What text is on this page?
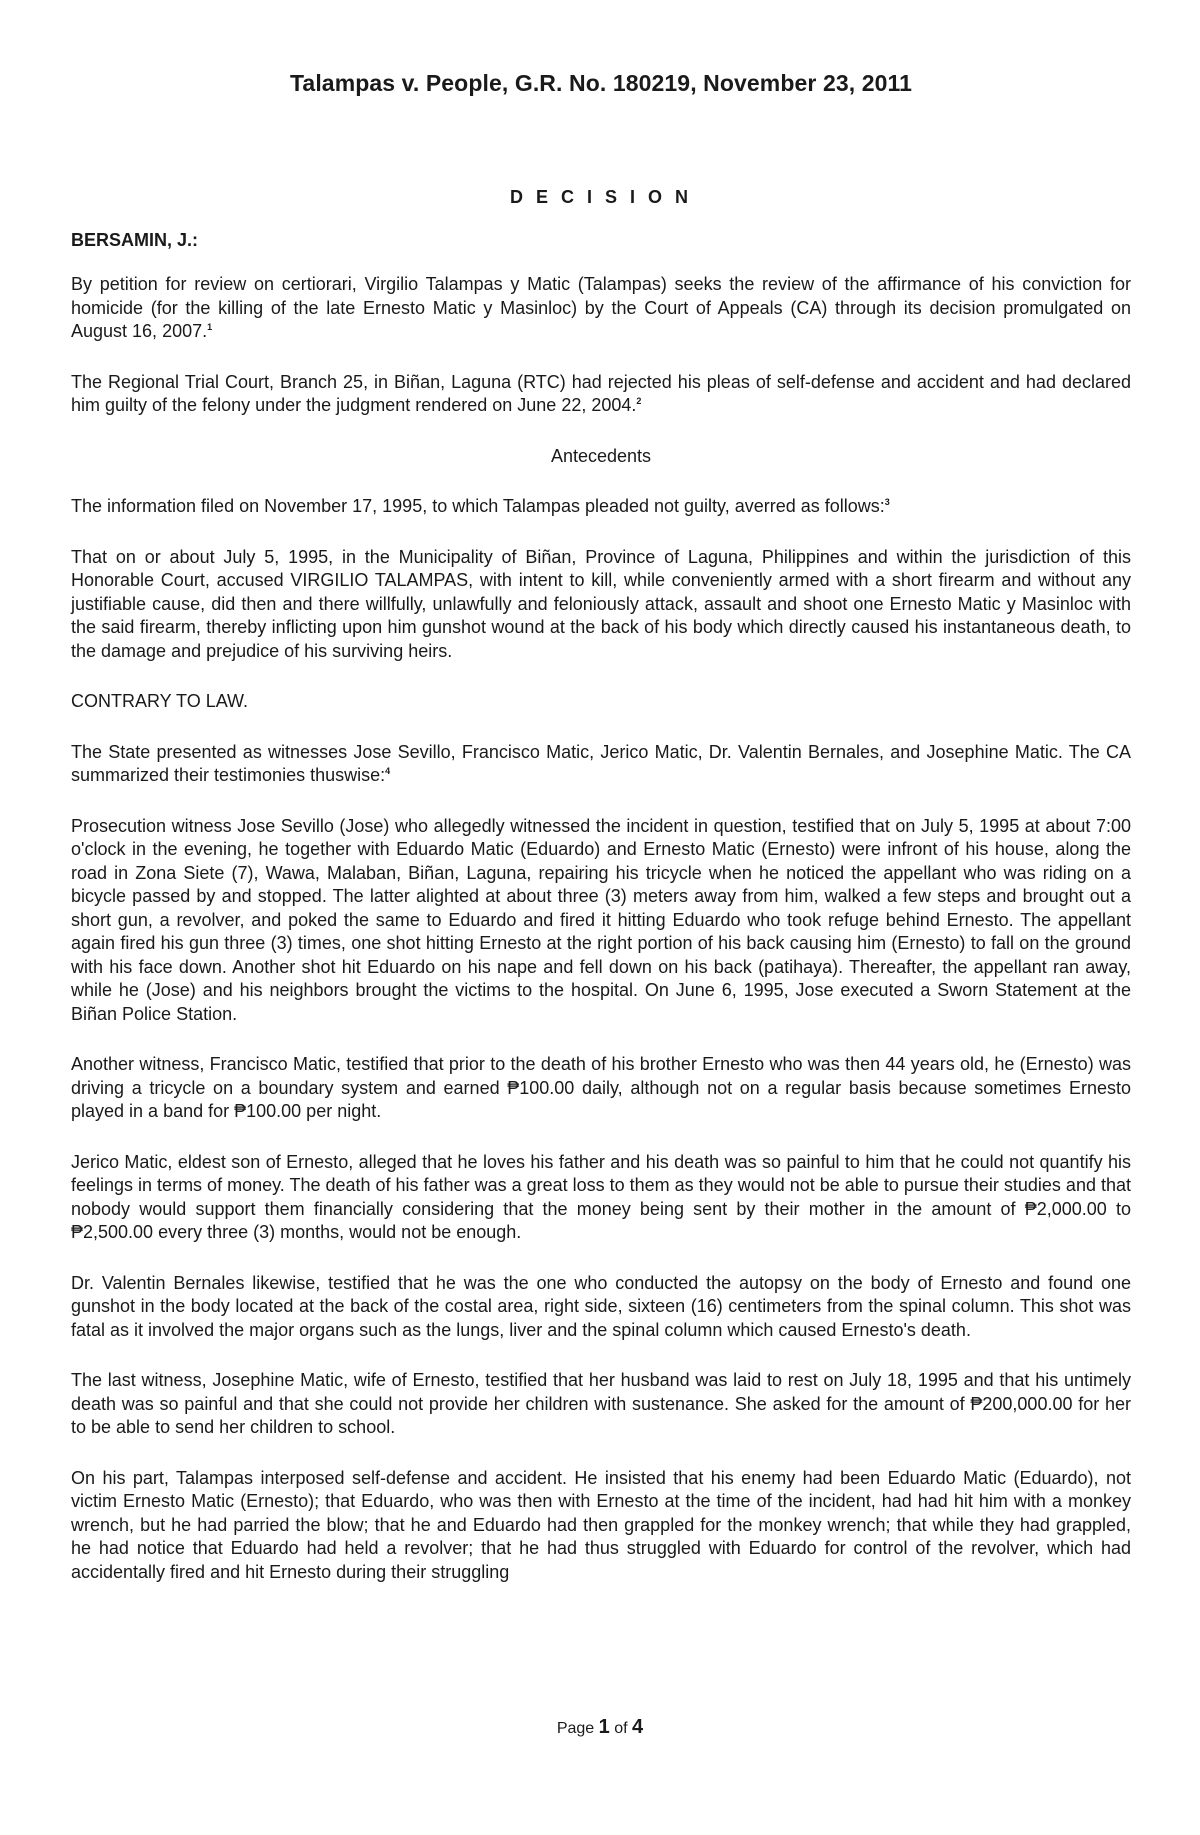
Talampas v. People, G.R. No. 180219, November 23, 2011
D E C I S I O N
BERSAMIN, J.:

By petition for review on certiorari, Virgilio Talampas y Matic (Talampas) seeks the review of the affirmance of his conviction for homicide (for the killing of the late Ernesto Matic y Masinloc) by the Court of Appeals (CA) through its decision promulgated on August 16, 2007.$^1$

The Regional Trial Court, Branch 25, in Biñan, Laguna (RTC) had rejected his pleas of self-defense and accident and had declared him guilty of the felony under the judgment rendered on June 22, 2004.$^2$

Antecedents

The information filed on November 17, 1995, to which Talampas pleaded not guilty, averred as follows:$^3$

That on or about July 5, 1995, in the Municipality of Biñan, Province of Laguna, Philippines and within the jurisdiction of this Honorable Court, accused VIRGILIO TALAMPAS, with intent to kill, while conveniently armed with a short firearm and without any justifiable cause, did then and there willfully, unlawfully and feloniously attack, assault and shoot one Ernesto Matic y Masinloc with the said firearm, thereby inflicting upon him gunshot wound at the back of his body which directly caused his instantaneous death, to the damage and prejudice of his surviving heirs.

CONTRARY TO LAW.

The State presented as witnesses Jose Sevillo, Francisco Matic, Jerico Matic, Dr. Valentin Bernales, and Josephine Matic. The CA summarized their testimonies thuswise:$^4$

Prosecution witness Jose Sevillo (Jose) who allegedly witnessed the incident in question, testified that on July 5, 1995 at about 7:00 o'clock in the evening, he together with Eduardo Matic (Eduardo) and Ernesto Matic (Ernesto) were infront of his house, along the road in Zona Siete (7), Wawa, Malaban, Biñan, Laguna, repairing his tricycle when he noticed the appellant who was riding on a bicycle passed by and stopped. The latter alighted at about three (3) meters away from him, walked a few steps and brought out a short gun, a revolver, and poked the same to Eduardo and fired it hitting Eduardo who took refuge behind Ernesto. The appellant again fired his gun three (3) times, one shot hitting Ernesto at the right portion of his back causing him (Ernesto) to fall on the ground with his face down. Another shot hit Eduardo on his nape and fell down on his back (patihaya). Thereafter, the appellant ran away, while he (Jose) and his neighbors brought the victims to the hospital. On June 6, 1995, Jose executed a Sworn Statement at the Biñan Police Station.

Another witness, Francisco Matic, testified that prior to the death of his brother Ernesto who was then 44 years old, he (Ernesto) was driving a tricycle on a boundary system and earned ₱100.00 daily, although not on a regular basis because sometimes Ernesto played in a band for ₱100.00 per night.

Jerico Matic, eldest son of Ernesto, alleged that he loves his father and his death was so painful to him that he could not quantify his feelings in terms of money. The death of his father was a great loss to them as they would not be able to pursue their studies and that nobody would support them financially considering that the money being sent by their mother in the amount of ₱2,000.00 to ₱2,500.00 every three (3) months, would not be enough.

Dr. Valentin Bernales likewise, testified that he was the one who conducted the autopsy on the body of Ernesto and found one gunshot in the body located at the back of the costal area, right side, sixteen (16) centimeters from the spinal column. This shot was fatal as it involved the major organs such as the lungs, liver and the spinal column which caused Ernesto's death.

The last witness, Josephine Matic, wife of Ernesto, testified that her husband was laid to rest on July 18, 1995 and that his untimely death was so painful and that she could not provide her children with sustenance. She asked for the amount of ₱200,000.00 for her to be able to send her children to school.

On his part, Talampas interposed self-defense and accident. He insisted that his enemy had been Eduardo Matic (Eduardo), not victim Ernesto Matic (Ernesto); that Eduardo, who was then with Ernesto at the time of the incident, had had hit him with a monkey wrench, but he had parried the blow; that he and Eduardo had then grappled for the monkey wrench; that while they had grappled, he had notice that Eduardo had held a revolver; that he had thus struggled with Eduardo for control of the revolver, which had accidentally fired and hit Ernesto during their struggling

Page 1 of 4
